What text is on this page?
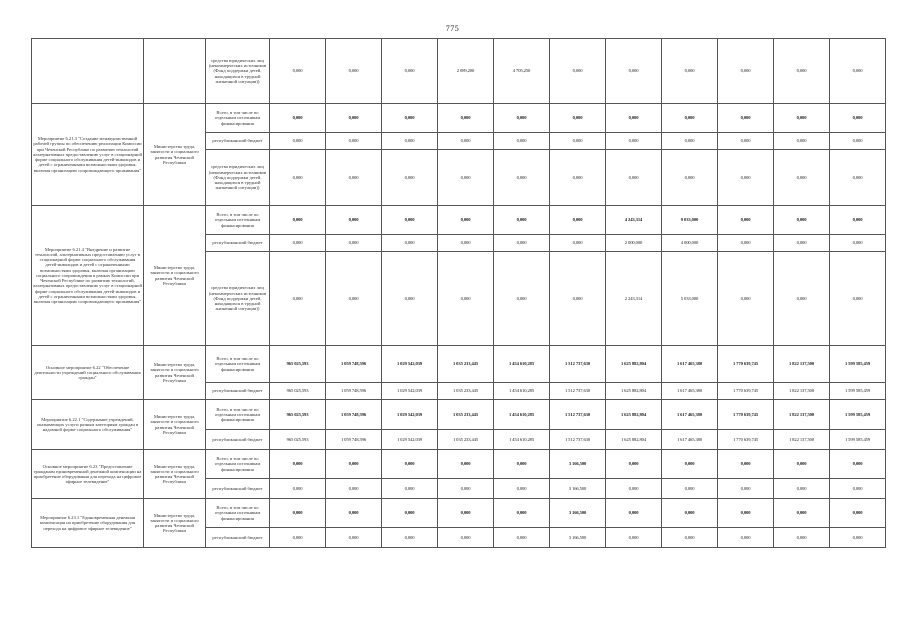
775
		средства юридических лиц (некоммерческих источников (Фонд поддержки детей, находящихся в трудной жизненной ситуации))	0,000	0,000	0,000	2 089,200	4 705,250	0,000	0,000	0,000	0,000	0,000	0,000		
Мероприятие 6.21.3 "Создание межведомственной рабочей группы по обеспечению реализации Комиссии при Чеченской Республике по развитию технологий альтернативных предоставлению услуг в стационарной форме социального обслуживания детей-инвалидов и детей с ограниченными возможностями здоровья, включая организацию сопровождающего проживания"	Министерство труда, занятости и социального развития Чеченской Республики	Всего, в том числе по отдельным источникам финансирования	0,000	0,000	0,000	0,000	0,000	0,000	0,000	0,000	0,000	0,000	0,000		
		республиканский бюджет	0,000	0,000	0,000	0,000	0,000	0,000	0,000	0,000	0,000	0,000	0,000		
		средства юридических лиц (некоммерческих источников (Фонд поддержки детей, находящихся в трудной жизненной ситуации))	0,000	0,000	0,000	0,000	0,000	0,000	0,000	0,000	0,000	0,000	0,000		
Мероприятие 6.21.4 "Внедрение и развитие технологий, альтернативных предоставлению услуг в стационарной форме социального обслуживания детей-инвалидов и детей с ограниченными возможностями здоровья, включая организацию социального сопровождения в рамках Комиссии при Чеченской Республике по развитию технологий, альтернативных предоставлению услуг в стационарной форме социального обслуживания детей-инвалидов и детей с ограниченными возможностями здоровья, включая организацию сопровождающего проживания"	Министерство труда, занятости и социального развития Чеченской Республики	Всего, в том числе по отдельным источникам финансирования	0,000	0,000	0,000	0,000	0,000	0,000	4 243,314	9 033,000	0,000	0,000	0,000		
		республиканский бюджет	0,000	0,000	0,000	0,000	0,000	0,000	2 000,000	4 000,000	0,000	0,000	0,000		
		средства юридических лиц (некоммерческих источников (Фонд поддержки детей, находящихся в трудной жизненной ситуации))	0,000	0,000	0,000	0,000	0,000	0,000	2 243,314	5 033,000	0,000	0,000	0,000		
Основное мероприятие 6.22 "Обеспечение деятельности учреждений социального обслуживания граждан"	Министерство труда, занятости и социального развития Чеченской Республики	Всего, в том числе по отдельным источникам финансирования	965 025,593	1 059 748,596	1 029 542,039	1 035 233,445	1 454 610,285	1 512 737,630	1 625 882,804	1 617 465,380	1 770 639,745	1 822 137,500	1 599 585,459		
		республиканский бюджет	965 025,593	1 059 748,596	1 029 542,039	1 035 233,445	1 454 610,285	1 512 737,630	1 625 882,804	1 617 465,380	1 770 639,745	1 822 137,500	1 599 585,459		
Мероприятие 6.22.1 "Содержание учреждений, оказывающих услуги разным категориям граждан в надомной форме социального обслуживания"	Министерство труда, занятости и социального развития Чеченской Республики	Всего, в том числе по отдельным источникам финансирования	965 025,593	1 059 748,596	1 029 542,039	1 035 233,445	1 454 610,285	1 512 737,630	1 625 882,804	1 617 465,380	1 770 639,745	1 822 137,500	1 599 585,459		
		республиканский бюджет	965 025,593	1 059 748,596	1 029 542,039	1 035 233,445	1 454 610,285	1 512 737,630	1 625 882,804	1 617 465,380	1 770 639,745	1 822 137,500	1 599 585,459		
Основное мероприятие 6.23 "Предоставление гражданам единовременной денежной компенсации на приобретение оборудования для перехода на цифровое эфирное телевидение"	Министерство труда, занятости и социального развития Чеченской Республики	Всего, в том числе по отдельным источникам финансирования	0,000	0,000	0,000	0,000	0,000	3 166,500	0,000	0,000	0,000	0,000	0,000		
		республиканский бюджет	0,000	0,000	0,000	0,000	0,000	3 166,500	0,000	0,000	0,000	0,000	0,000		
Мероприятие 6.23.1 "Единовременная денежная компенсация на приобретение оборудования для перехода на цифровое эфирное телевидение"	Министерство труда, занятости и социального развития Чеченской Республики	Всего, в том числе по отдельным источникам финансирования	0,000	0,000	0,000	0,000	0,000	3 166,500	0,000	0,000	0,000	0,000	0,000		
		республиканский бюджет	0,000	0,000	0,000	0,000	0,000	3 166,500	0,000	0,000	0,000	0,000	0,000		
